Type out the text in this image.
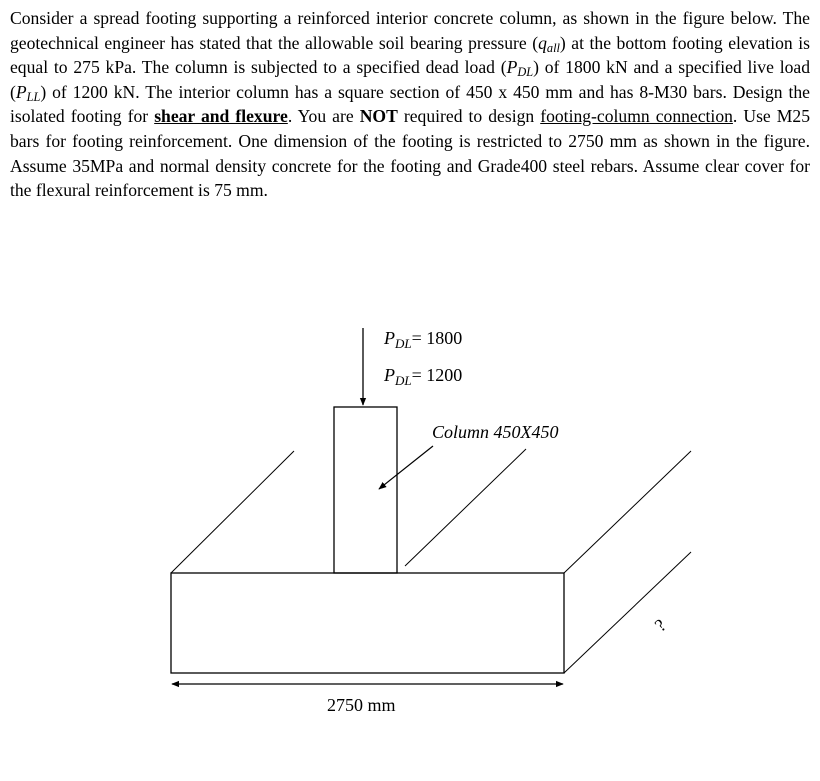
Consider a spread footing supporting a reinforced interior concrete column, as shown in the figure below. The geotechnical engineer has stated that the allowable soil bearing pressure $(q_{all})$ at the bottom footing elevation is equal to 275 kPa. The column is subjected to a specified dead load $(P_{DL})$ of 1800 kN and a specified live load $(P_{LL})$ of 1200 kN. The interior column has a square section of 450 x 450 mm and has 8-M30 bars. Design the isolated footing for shear and flexure. You are NOT required to design footing-column connection. Use M25 bars for footing reinforcement. One dimension of the footing is restricted to 2750 mm as shown in the figure. Assume 35MPa and normal density concrete for the footing and Grade400 steel rebars. Assume clear cover for the flexural reinforcement is 75 mm.

$P_{DL}= 1800$
$P_{DL}= 1200$
Column 450X450
?
2750 mm
